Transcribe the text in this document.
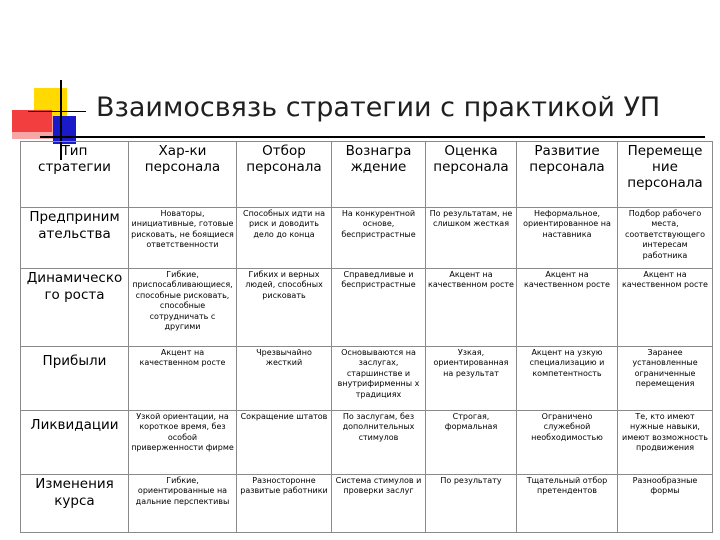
Взаимосвязь стратегии с практикой УП
Тип стратегии	Хар-ки персонала	Отбор персонала	Вознагра ждение	Оценка персонала	Развитие персонала	Перемеще ние персонала
Предприним ательства	Новаторы, инициативные, готовые рисковать, не боящиеся ответственности	Способных идти на риск и доводить дело до конца	На конкурентной основе, беспристрастные	По результатам, не слишком жесткая	Неформальное, ориентированное на наставника	Подбор рабочего места, соответствующего интересам работника
Динамическо го роста	Гибкие, приспосабливающиеся, способные рисковать, способные сотрудничать с другими	Гибких и верных людей, способных рисковать	Справедливые и беспристрастные	Акцент на качественном росте	Акцент на качественном росте	Акцент на качественном росте
Прибыли	Акцент на качественном росте	Чрезвычайно жесткий	Основываются на заслугах, старшинстве и внутрифирменны х традициях	Узкая, ориентированная на результат	Акцент на узкую специализацию и компетентность	Заранее установленные ограниченные перемещения
Ликвидации	Узкой ориентации, на короткое время, без особой приверженности фирме	Сокращение штатов	По заслугам, без дополнительных стимулов	Строгая, формальная	Ограничено служебной необходимостью	Те, кто имеют нужные навыки, имеют возможность продвижения
Изменения курса	Гибкие, ориентированные на дальние перспективы	Разносторонне развитые работники	Система стимулов и проверки заслуг	По результату	Тщательный отбор претендентов	Разнообразные формы
